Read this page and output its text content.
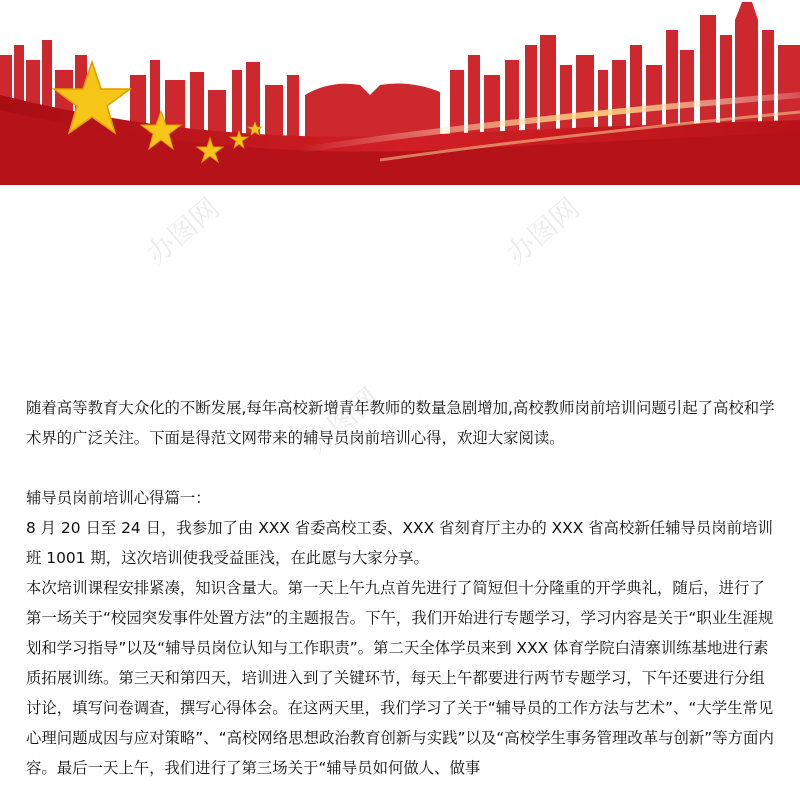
办图网	办图网
办图网

随着高等教育大众化的不断发展,每年高校新增青年教师的数量急剧增加,高校教师岗前培训问题引起了高校和学术界的广泛关注。下面是得范文网带来的辅导员岗前培训心得，欢迎大家阅读。

辅导员岗前培训心得篇一：

8 月 20 日至 24 日，我参加了由 XXX 省委高校工委、XXX 省刻育厅主办的 XXX 省高校新任辅导员岗前培训班 1001 期，这次培训使我受益匪浅，在此愿与大家分享。

本次培训课程安排紧凑，知识含量大。第一天上午九点首先进行了简短但十分隆重的开学典礼，随后，进行了第一场关于“校园突发事件处置方法”的主题报告。下午，我们开始进行专题学习，学习内容是关于“职业生涯规划和学习指导”以及“辅导员岗位认知与工作职责”。第二天全体学员来到 XXX 体育学院白清寨训练基地进行素质拓展训练。第三天和第四天，培训进入到了关键环节，每天上午都要进行两节专题学习，下午还要进行分组讨论，填写问卷调查，撰写心得体会。在这两天里，我们学习了关于“辅导员的工作方法与艺术”、“大学生常见心理问题成因与应对策略”、“高校网络思想政治教育创新与实践”以及“高校学生事务管理改革与创新”等方面内容。最后一天上午，我们进行了第三场关于“辅导员如何做人、做事
